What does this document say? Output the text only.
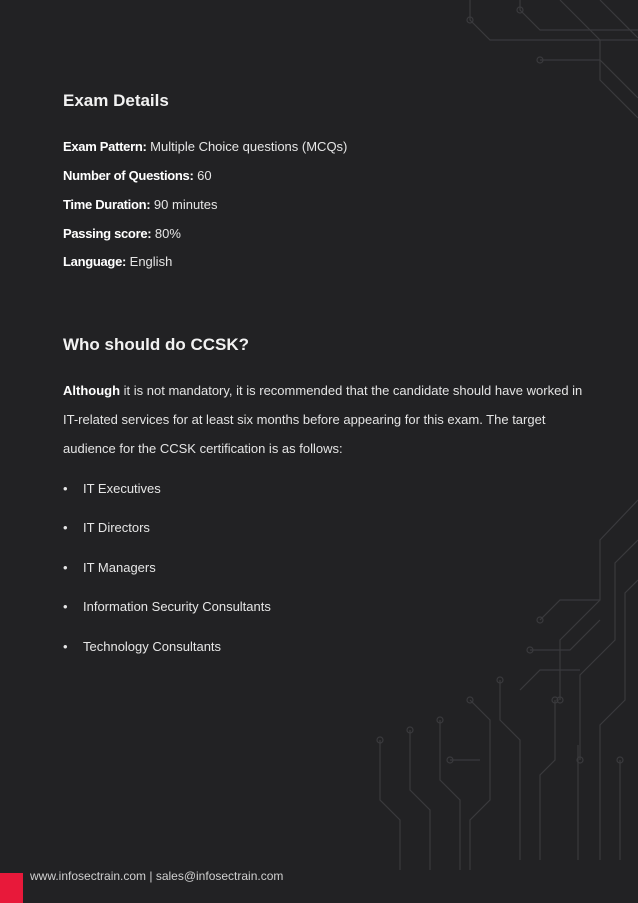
Exam Details
Exam Pattern: Multiple Choice questions (MCQs)
Number of Questions: 60
Time Duration: 90 minutes
Passing score: 80%
Language: English
Who should do CCSK?
Although it is not mandatory, it is recommended that the candidate should have worked in IT-related services for at least six months before appearing for this exam. The target audience for the CCSK certification is as follows:
• IT Executives
• IT Directors
• IT Managers
• Information Security Consultants
• Technology Consultants
www.infosectrain.com | sales@infosectrain.com
